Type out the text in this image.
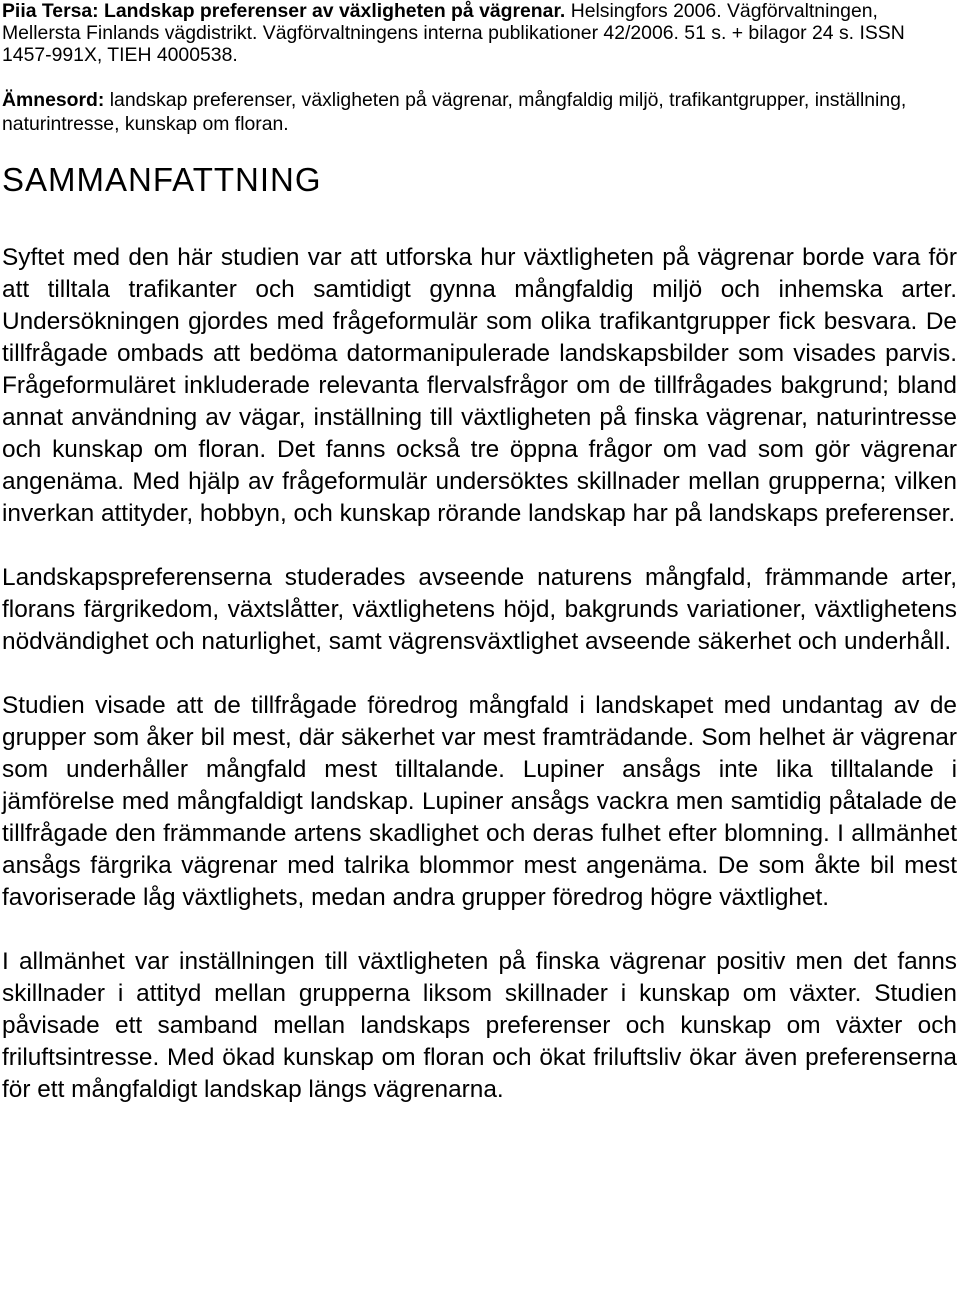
Piia Tersa: Landskap preferenser av växligheten på vägrenar. Helsingfors 2006. Vägförvaltningen, Mellersta Finlands vägdistrikt. Vägförvaltningens interna publikationer 42/2006. 51 s. + bilagor 24 s. ISSN 1457-991X, TIEH 4000538.

Ämnesord: landskap preferenser, växligheten på vägrenar, mångfaldig miljö, trafikantgrupper, inställning, naturintresse, kunskap om floran.

SAMMANFATTNING

Syftet med den här studien var att utforska hur växtligheten på vägrenar borde vara för att tilltala trafikanter och samtidigt gynna mångfaldig miljö och inhemska arter. Undersökningen gjordes med frågeformulär som olika trafikantgrupper fick besvara. De tillfrågade ombads att bedöma datormanipulerade landskapsbilder som visades parvis. Frågeformuläret inkluderade relevanta flervalsfrågor om de tillfrågades bakgrund; bland annat användning av vägar, inställning till växtligheten på finska vägrenar, naturintresse och kunskap om floran. Det fanns också tre öppna frågor om vad som gör vägrenar angenäma. Med hjälp av frågeformulär undersöktes skillnader mellan grupperna; vilken inverkan attityder, hobbyn, och kunskap rörande landskap har på landskaps preferenser.

Landskapspreferenserna studerades avseende naturens mångfald, främmande arter, florans färgrikedom, växtslåtter, växtlighetens höjd, bakgrunds variationer, växtlighetens nödvändighet och naturlighet, samt vägrensväxtlighet avseende säkerhet och underhåll.

Studien visade att de tillfrågade föredrog mångfald i landskapet med undantag av de grupper som åker bil mest, där säkerhet var mest framträdande. Som helhet är vägrenar som underhåller mångfald mest tilltalande. Lupiner ansågs inte lika tilltalande i jämförelse med mångfaldigt landskap. Lupiner ansågs vackra men samtidig påtalade de tillfrågade den främmande artens skadlighet och deras fulhet efter blomning. I allmänhet ansågs färgrika vägrenar med talrika blommor mest angenäma. De som åkte bil mest favoriserade låg växtlighets, medan andra grupper föredrog högre växtlighet.

I allmänhet var inställningen till växtligheten på finska vägrenar positiv men det fanns skillnader i attityd mellan grupperna liksom skillnader i kunskap om växter. Studien påvisade ett samband mellan landskaps preferenser och kunskap om växter och friluftsintresse. Med ökad kunskap om floran och ökat friluftsliv ökar även preferenserna för ett mångfaldigt landskap längs vägrenarna.
